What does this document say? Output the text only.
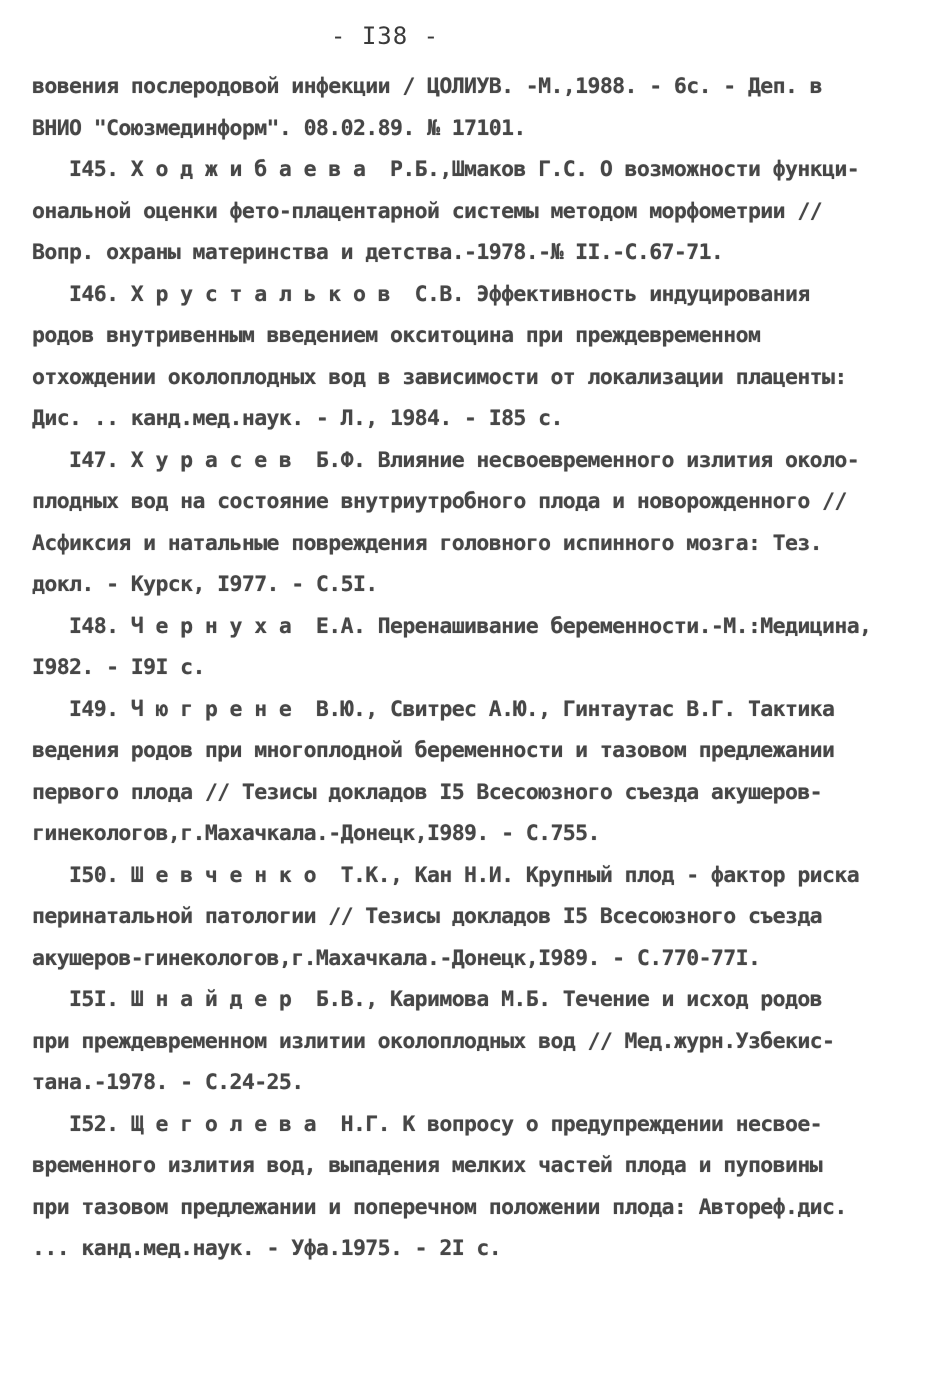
- I38 -
вовения послеродовой инфекции / ЦОЛИУВ. -М.,1988. - 6с. - Деп. в
ВНИО "Союзмединформ". 08.02.89. № 17101.
I45. Х о д ж и б а е в а  Р.Б.,Шмаков Г.С. О возможности функци-
ональной оценки фето-плацентарной системы методом морфометрии //
Вопр. охраны материнства и детства.-1978.-№ II.-С.67-71.
I46. Х р у с т а л ь к о в  С.В. Эффективность индуцирования
родов внутривенным введением окситоцина при преждевременном
отхождении околоплодных вод в зависимости от локализации плаценты:
Дис. .. канд.мед.наук. - Л., 1984. - I85 с.
I47. Х у р а с е в  Б.Ф. Влияние несвоевременного излития около-
плодных вод на состояние внутриутробного плода и новорожденного //
Асфиксия и натальные повреждения головного испинного мозга: Тез.
докл. - Курск, I977. - С.5I.
I48. Ч е р н у х а  Е.А. Перенашивание беременности.-М.:Медицина,
I982. - I9I с.
I49. Ч ю г р е н е  В.Ю., Свитрес А.Ю., Гинтаутас В.Г. Тактика
ведения родов при многоплодной беременности и тазовом предлежании
первого плода // Тезисы докладов I5 Всесоюзного съезда акушеров-
гинекологов,г.Махачкала.-Донецк,I989. - С.755.
I50. Ш е в ч е н к о  Т.К., Кан Н.И. Крупный плод - фактор риска
перинатальной патологии // Тезисы докладов I5 Всесоюзного съезда
акушеров-гинекологов,г.Махачкала.-Донецк,I989. - С.770-77I.
I5I. Ш н а й д е р  Б.В., Каримова М.Б. Течение и исход родов
при преждевременном излитии околоплодных вод // Мед.журн.Узбекис-
тана.-1978. - С.24-25.
I52. Щ е г о л е в а  Н.Г. К вопросу о предупреждении несвое-
временного излития вод, выпадения мелких частей плода и пуповины
при тазовом предлежании и поперечном положении плода: Автореф.дис.
... канд.мед.наук. - Уфа.1975. - 2I с.
